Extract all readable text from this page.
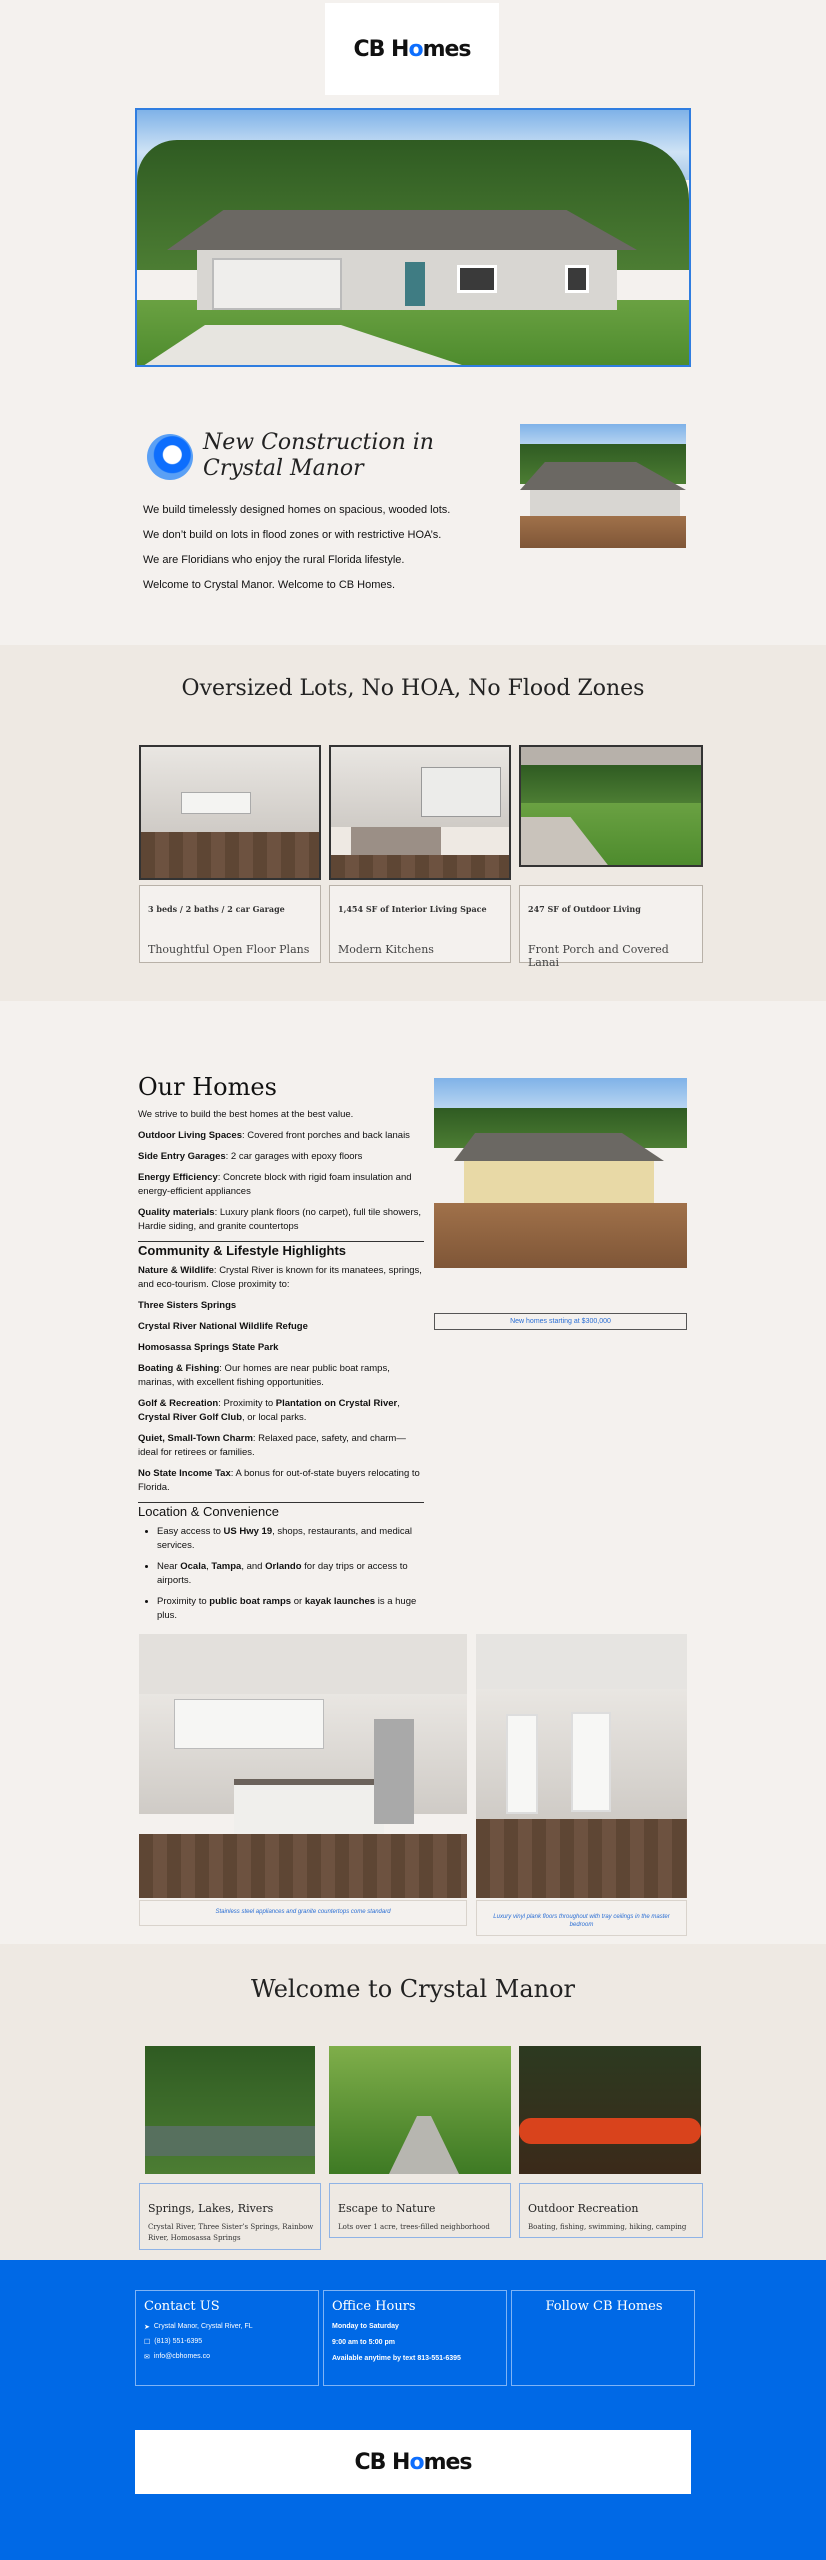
CB Homes
New Construction in Crystal Manor

We build timelessly designed homes on spacious, wooded lots.

We don’t build on lots in flood zones or with restrictive HOA’s.

We are Floridians who enjoy the rural Florida lifestyle.

Welcome to Crystal Manor. Welcome to CB Homes.

Oversized Lots, No HOA, No Flood Zones
3 beds / 2 baths / 2 car Garage
Thoughtful Open Floor Plans
1,454 SF of Interior Living Space
Modern Kitchens
247 SF of Outdoor Living
Front Porch and Covered Lanai
Our Homes

We strive to build the best homes at the best value.

Outdoor Living Spaces: Covered front porches and back lanais

Side Entry Garages: 2 car garages with epoxy floors

Energy Efficiency: Concrete block with rigid foam insulation and energy-efficient appliances

Quality materials: Luxury plank floors (no carpet), full tile showers, Hardie siding, and granite countertops

Community & Lifestyle Highlights

Nature & Wildlife: Crystal River is known for its manatees, springs, and eco-tourism. Close proximity to:

Three Sisters Springs

Crystal River National Wildlife Refuge

Homosassa Springs State Park

Boating & Fishing: Our homes are near public boat ramps, marinas, with excellent fishing opportunities.

Golf & Recreation: Proximity to Plantation on Crystal River, Crystal River Golf Club, or local parks.

Quiet, Small-Town Charm: Relaxed pace, safety, and charm—ideal for retirees or families.

No State Income Tax: A bonus for out-of-state buyers relocating to Florida.

Location & Convenience

• Easy access to US Hwy 19, shops, restaurants, and medical services.
• Near Ocala, Tampa, and Orlando for day trips or access to airports.
• Proximity to public boat ramps or kayak launches is a huge plus.
New homes starting at $300,000
Stainless steel appliances and granite countertops come standard
Luxury vinyl plank floors throughout with tray ceilings in the master bedroom
Welcome to Crystal Manor
Springs, Lakes, Rivers
Crystal River, Three Sister’s Springs, Rainbow River, Homosassa Springs
Escape to Nature
Lots over 1 acre, trees-filled neighborhood
Outdoor Recreation
Boating, fishing, swimming, hiking, camping
Contact US
➤ Crystal Manor, Crystal River, FL
☐ (813) 551-6395
✉ info@cbhomes.co
Office Hours
Monday to Saturday
9:00 am to 5:00 pm
Available anytime by text 813-551-6395
Follow CB Homes
CB Homes
